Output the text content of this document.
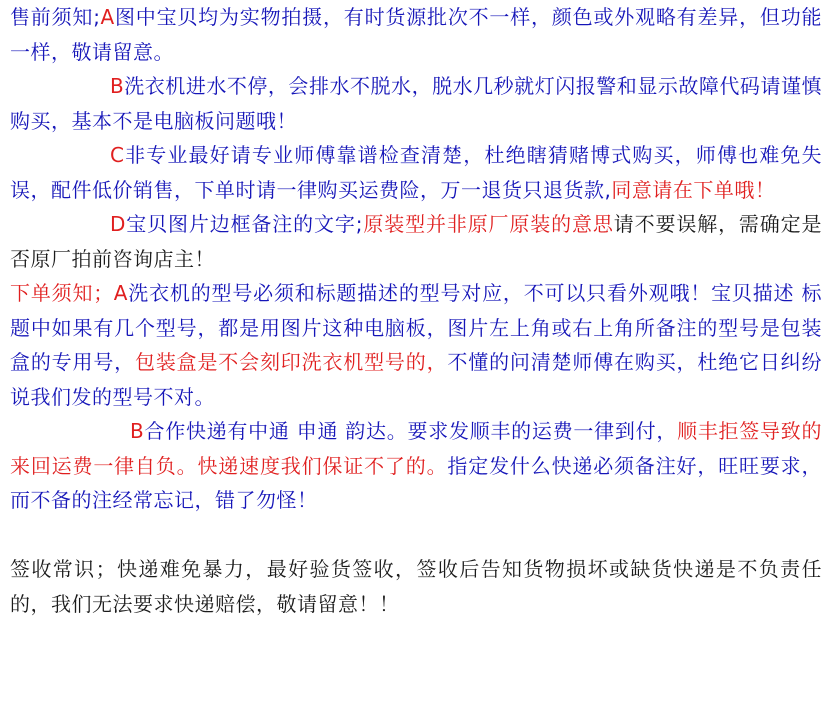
售前须知;A图中宝贝均为实物拍摄，有时货源批次不一样，颜色或外观略有差异，但功能一样，敬请留意。

B洗衣机进水不停，会排水不脱水，脱水几秒就灯闪报警和显示故障代码请谨慎购买，基本不是电脑板问题哦！

C非专业最好请专业师傅靠谱检查清楚，杜绝瞎猜赌博式购买，师傅也难免失误，配件低价销售，下单时请一律购买运费险，万一退货只退货款,同意请在下单哦！

D宝贝图片边框备注的文字;原装型并非原厂原装的意思请不要误解，需确定是否原厂拍前咨询店主！

下单须知；A洗衣机的型号必须和标题描述的型号对应，不可以只看外观哦！宝贝描述 标题中如果有几个型号，都是用图片这种电脑板，图片左上角或右上角所备注的型号是包装盒的专用号，包装盒是不会刻印洗衣机型号的，不懂的问清楚师傅在购买，杜绝它日纠纷说我们发的型号不对。

B合作快递有中通 申通 韵达。要求发顺丰的运费一律到付，顺丰拒签导致的来回运费一律自负。快递速度我们保证不了的。指定发什么快递必须备注好，旺旺要求，而不备的注经常忘记，错了勿怪！

签收常识；快递难免暴力，最好验货签收，签收后告知货物损坏或缺货快递是不负责任的，我们无法要求快递赔偿，敬请留意！！
